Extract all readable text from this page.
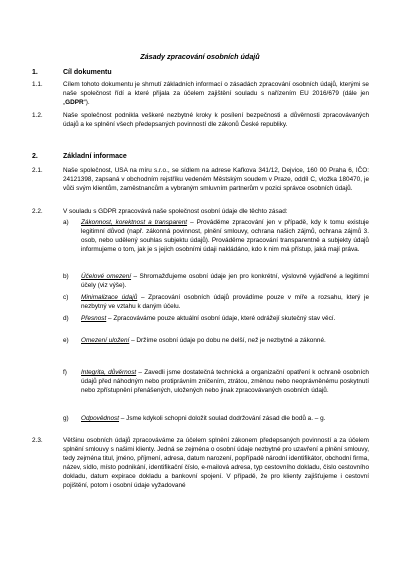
Zásady zpracování osobních údajů
1.	Cíl dokumentu
1.1.	Cílem tohoto dokumentu je shrnutí základních informací o zásadách zpracování osobních údajů, kterými se naše společnost řídí a které přijala za účelem zajištění souladu s nařízením EU 2016/679 (dále jen „GDPR“).
1.2.	Naše společnost podnikla veškeré nezbytné kroky k posílení bezpečnosti a důvěrnosti zpracovávaných údajů a ke splnění všech předepsaných povinností dle zákonů České republiky.
2.	Základní informace
2.1.	Naše společnost, USA na míru s.r.o., se sídlem na adrese Kafkova 341/12, Dejvice, 160 00 Praha 6, IČO: 24121398, zapsaná v obchodním rejstříku vedeném Městským soudem v Praze, oddíl C, vložka 180470, je vůči svým klientům, zaměstnancům a vybraným smluvním partnerům v pozici správce osobních údajů.
2.2.	V souladu s GDPR zpracovává naše společnost osobní údaje dle těchto zásad:
a) Zákonnost, korektnost a transparent – Prováděme zpracování jen v případě, kdy k tomu existuje legitimní důvod (např. zákonná povinnost, plnění smlouvy, ochrana našich zájmů, ochrana zájmů 3. osob, nebo udělený souhlas subjektu údajů). Prováděme zpracování transparentně a subjekty údajů informujeme o tom, jak je s jejich osobními údaji nakládáno, kdo k nim má přístup, jaká mají práva.
b) Účelové omezení – Shromažďujeme osobní údaje jen pro konkrétní, výslovně vyjádřené a legitimní účely (viz výše).
c) Minimalizace údajů – Zpracování osobních údajů provádíme pouze v míře a rozsahu, který je nezbytný ve vztahu k daným účelu.
d) Přesnost – Zpracováváme pouze aktuální osobní údaje, které odrážejí skutečný stav věcí.
e) Omezení uložení – Držíme osobní údaje po dobu ne delší, než je nezbytné a zákonné.
f) Integrita, důvěrnost – Zavedli jsme dostatečná technická a organizační opatření k ochraně osobních údajů před náhodným nebo protiprávním zničením, ztrátou, změnou nebo neoprávněnému poskytnutí nebo zpřístupnění přenášených, uložených nebo jinak zpracovávaných osobních údajů.
g) Odpovědnost – Jsme kdykoli schopni doložit soulad dodržování zásad dle bodů a. – g.
2.3.	Většinu osobních údajů zpracováváme za účelem splnění zákonem předepsaných povinností a za účelem splnění smlouvy s našimi klienty. Jedná se zejména o osobní údaje nezbytné pro uzavření a plnění smlouvy, tedy zejména titul, jméno, příjmení, adresa, datum narození, popřípadě národní identifikátor, obchodní firma, název, sídlo, místo podnikání, identifikační číslo, e-mailová adresa, typ cestovního dokladu, číslo cestovního dokladu, datum expirace dokladu a bankovní spojení. V případě, že pro klienty zajišťujeme i cestovní pojištění, potom i osobní údaje vyžadované
